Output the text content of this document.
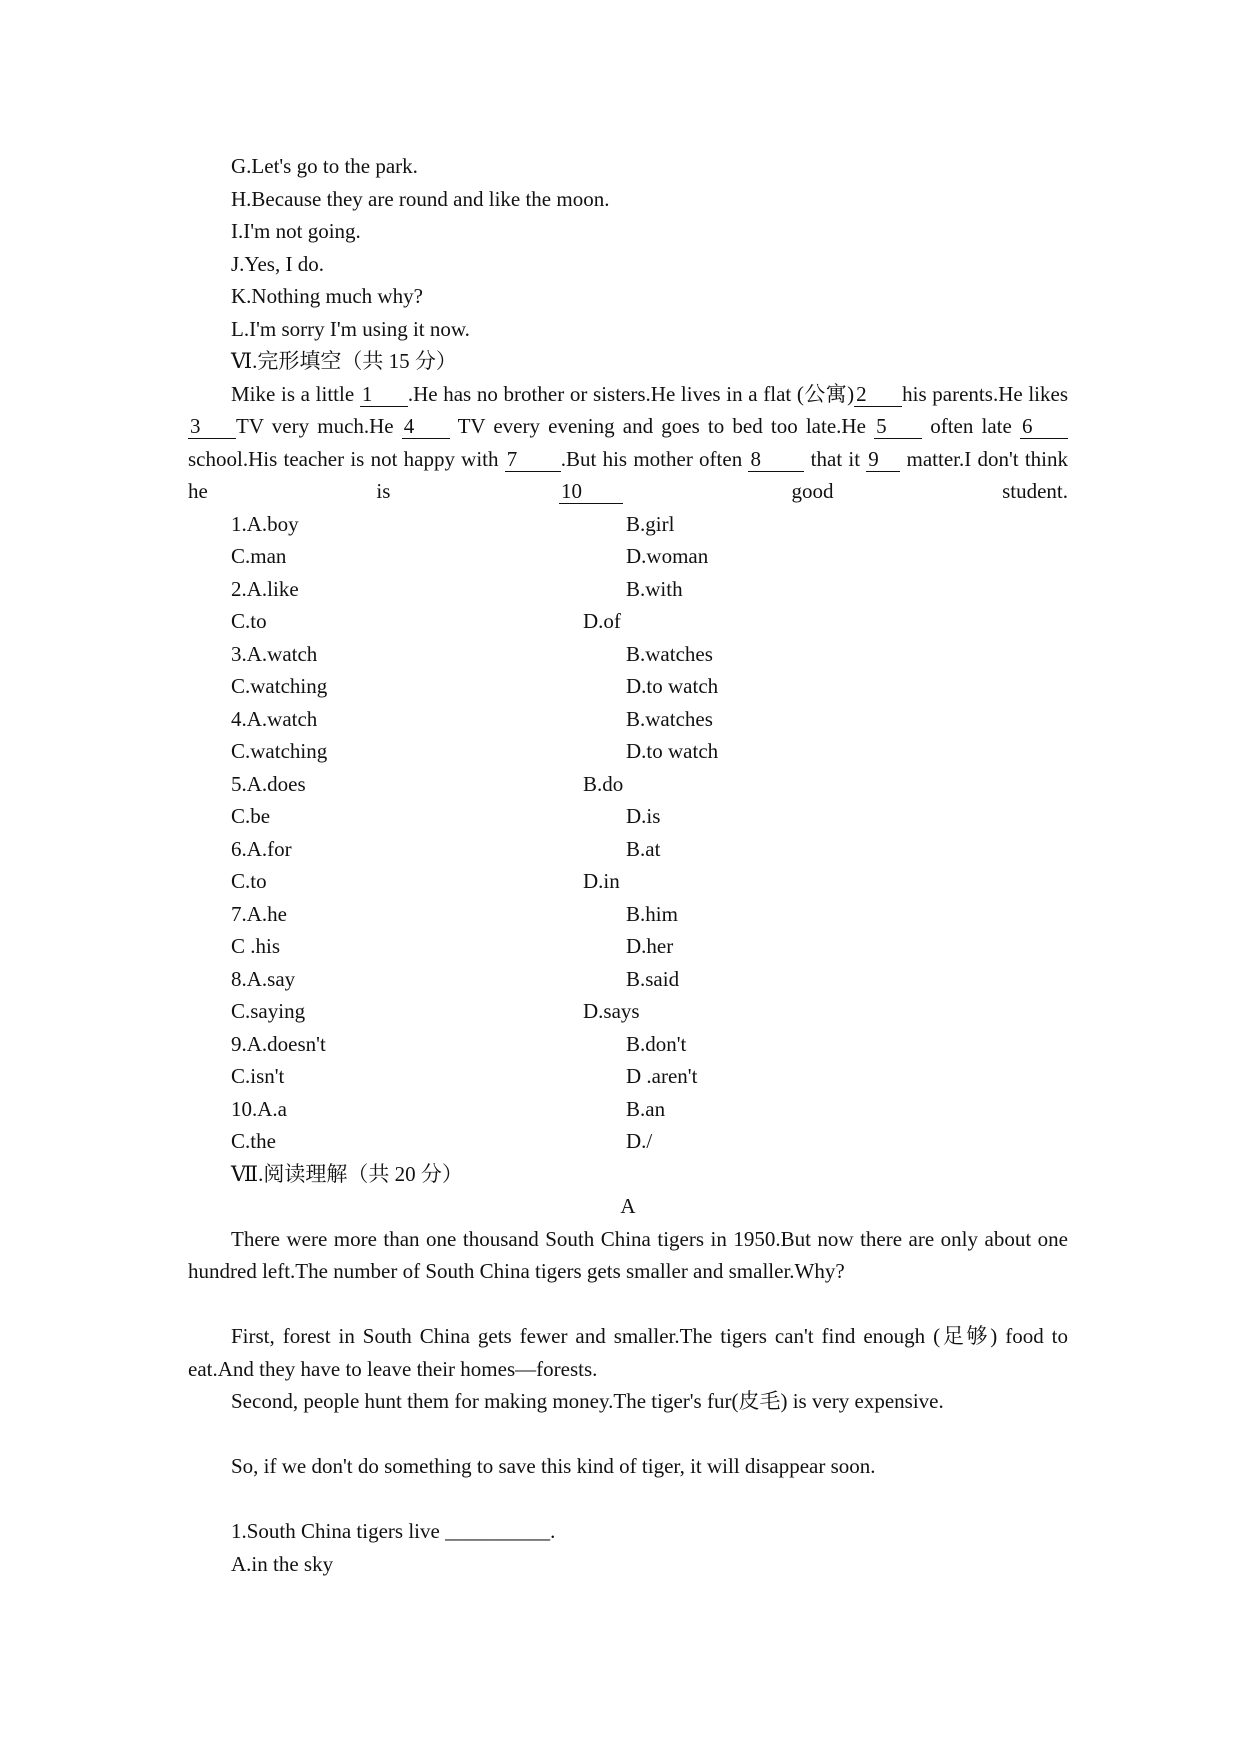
G.Let's go to the park.
H.Because they are round and like the moon.
I.I'm not going.
J.Yes, I do.
K.Nothing much why?
L.I'm sorry I'm using it now.
Ⅵ.完形填空（共 15 分）
Mike is a little 1 .He has no brother or sisters.He lives in a flat (公寓)2 his parents.He likes 3 TV very much.He 4 TV every evening and goes to bed too late.He 5 often late 6 school.His teacher is not happy with 7 .But his mother often 8 that it 9 matter.I don't think he is 10 good student.
1.A.boy	B.girl
C.man	D.woman
2.A.like	B.with
C.to	D.of
3.A.watch	B.watches
C.watching	D.to watch
4.A.watch	B.watches
C.watching	D.to watch
5.A.does	B.do
C.be	D.is
6.A.for	B.at
C.to	D.in
7.A.he	B.him
C .his	D.her
8.A.say	B.said
C.saying	D.says
9.A.doesn't	B.don't
C.isn't	D .aren't
10.A.a	B.an
C.the	D./
Ⅶ.阅读理解（共 20 分）
A
There were more than one thousand South China tigers in 1950.But now there are only about one hundred left.The number of South China tigers gets smaller and smaller.Why?
First, forest in South China gets fewer and smaller.The tigers can't find enough (足够) food to eat.And they have to leave their homes—forests.
Second, people hunt them for making money.The tiger's fur(皮毛) is very expensive.
So, if we don't do something to save this kind of tiger, it will disappear soon.
1.South China tigers live __________.
A.in the sky
